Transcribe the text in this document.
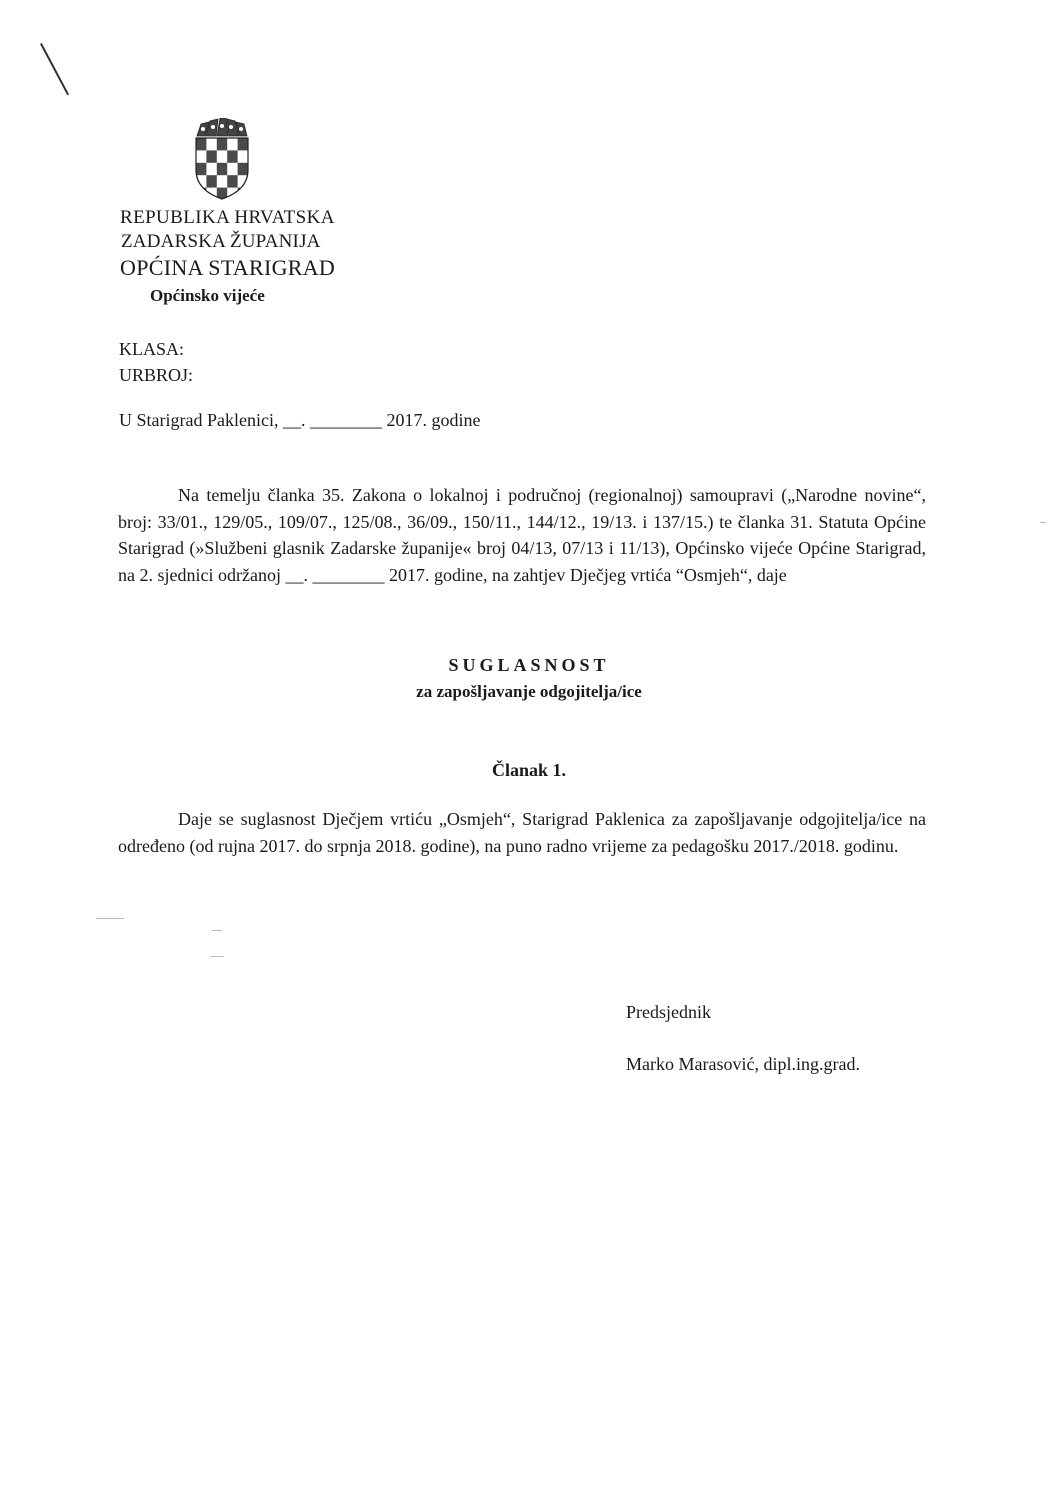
REPUBLIKA HRVATSKA
ZADARSKA ŽUPANIJA
OPĆINA STARIGRAD
Općinsko vijeće
KLASA:
URBROJ:
U Starigrad Paklenici, __. ________ 2017. godine
Na temelju članka 35. Zakona o lokalnoj i područnoj (regionalnoj) samoupravi („Narodne novine“, broj: 33/01., 129/05., 109/07., 125/08., 36/09., 150/11., 144/12., 19/13. i 137/15.) te članka 31. Statuta Općine Starigrad (»Službeni glasnik Zadarske županije« broj 04/13, 07/13 i 11/13), Općinsko vijeće Općine Starigrad, na 2. sjednici održanoj __. ________ 2017. godine, na zahtjev Dječjeg vrtića “Osmjeh“, daje
SUGLASNOST
za zapošljavanje odgojitelja/ice
Članak 1.
Daje se suglasnost Dječjem vrtiću „Osmjeh“, Starigrad Paklenica za zapošljavanje odgojitelja/ice na određeno (od rujna 2017. do srpnja 2018. godine), na puno radno vrijeme za pedagošku 2017./2018. godinu.
Predsjednik
Marko Marasović, dipl.ing.grad.
